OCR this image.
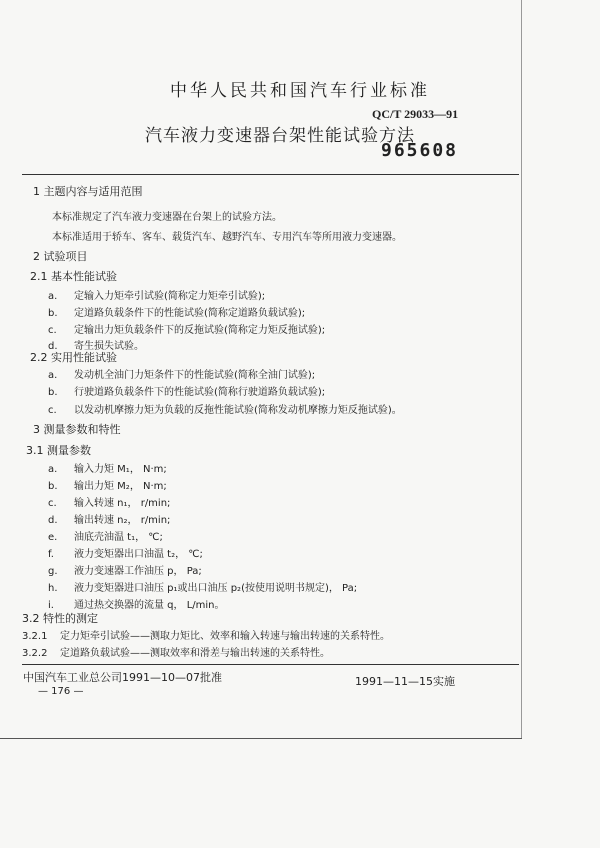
中华人民共和国汽车行业标准
QC/T 29033—91
汽车液力变速器台架性能试验方法
965608
1 主题内容与适用范围
本标准规定了汽车液力变速器在台架上的试验方法。
本标准适用于轿车、客车、载货汽车、越野汽车、专用汽车等所用液力变速器。
2 试验项目
2.1 基本性能试验
a. 定输入力矩牵引试验(简称定力矩牵引试验);
b. 定道路负载条件下的性能试验(简称定道路负载试验);
c. 定输出力矩负载条件下的反拖试验(简称定力矩反拖试验);
d. 寄生损失试验。
2.2 实用性能试验
a. 发动机全油门力矩条件下的性能试验(简称全油门试验);
b. 行驶道路负载条件下的性能试验(简称行驶道路负载试验);
c. 以发动机摩擦力矩为负载的反拖性能试验(简称发动机摩擦力矩反拖试验)。
3 测量参数和特性
3.1 测量参数
a. 输入力矩 M₁， N·m;
b. 输出力矩 M₂， N·m;
c. 输入转速 n₁， r/min;
d. 输出转速 n₂， r/min;
e. 油底壳油温 t₁， ℃;
f. 液力变矩器出口油温 t₂， ℃;
g. 液力变速器工作油压 p， Pa;
h. 液力变矩器进口油压 p₁或出口油压 p₂(按使用说明书规定)， Pa;
i. 通过热交换器的流量 q， L/min。
3.2 特性的测定
3.2.1 定力矩牵引试验——测取力矩比、效率和输入转速与输出转速的关系特性。
3.2.2 定道路负载试验——测取效率和滑差与输出转速的关系特性。
中国汽车工业总公司1991—10—07批准	1991—11—15实施
— 176 —
